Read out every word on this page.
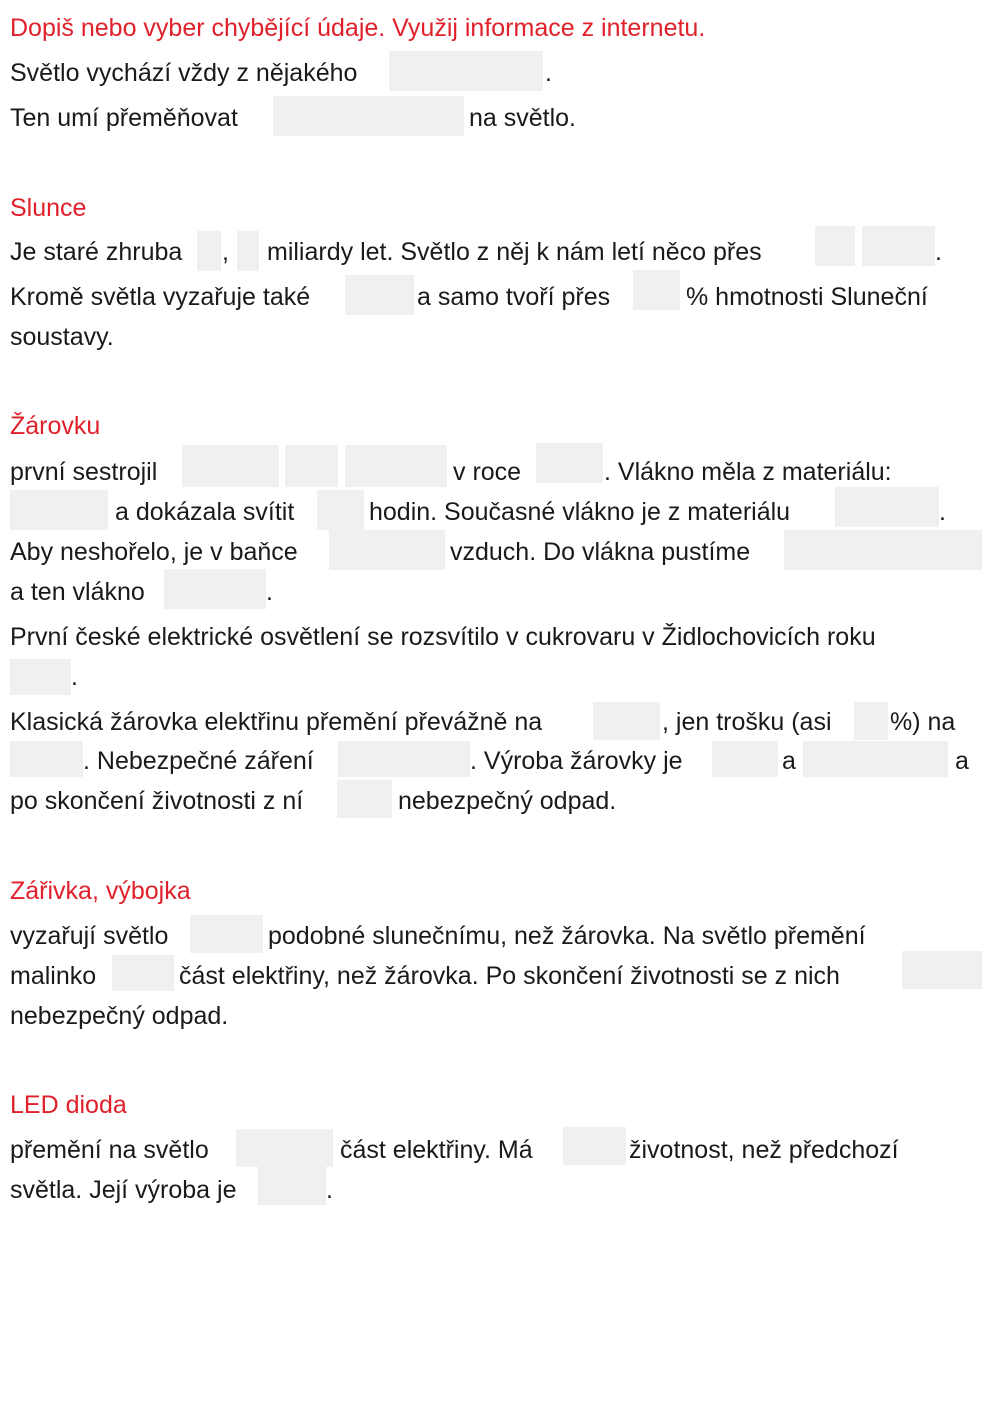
Dopiš nebo vyber chybějící údaje. Využij informace z internetu.
Světlo vychází vždy z nějakého	.
Ten umí přeměňovat	na světlo.
Slunce
Je staré zhruba , miliardy let. Světlo z něj k nám letí něco přes	.
Kromě světla vyzařuje také	a samo tvoří přes	% hmotnosti Sluneční
soustavy.
Žárovku
první sestrojil	v roce	. Vlákno měla z materiálu:
a dokázala svítit	hodin. Současné vlákno je z materiálu	.
Aby neshořelo, je v baňce	vzduch. Do vlákna pustíme
a ten vlákno	.
První české elektrické osvětlení se rozsvítilo v cukrovaru v Židlochovicích roku
.
Klasická žárovka elektřinu přemění převážně na	, jen trošku (asi %) na
. Nebezpečné záření	. Výroba žárovky je	a	a
po skončení životnosti z ní	nebezpečný odpad.
Zářivka, výbojka
vyzařují světlo	podobné slunečnímu, než žárovka. Na světlo přemění
malinko	část elektřiny, než žárovka. Po skončení životnosti se z nich
nebezpečný odpad.
LED dioda
přemění na světlo	část elektřiny. Má	životnost, než předchozí
světla. Její výroba je	.
